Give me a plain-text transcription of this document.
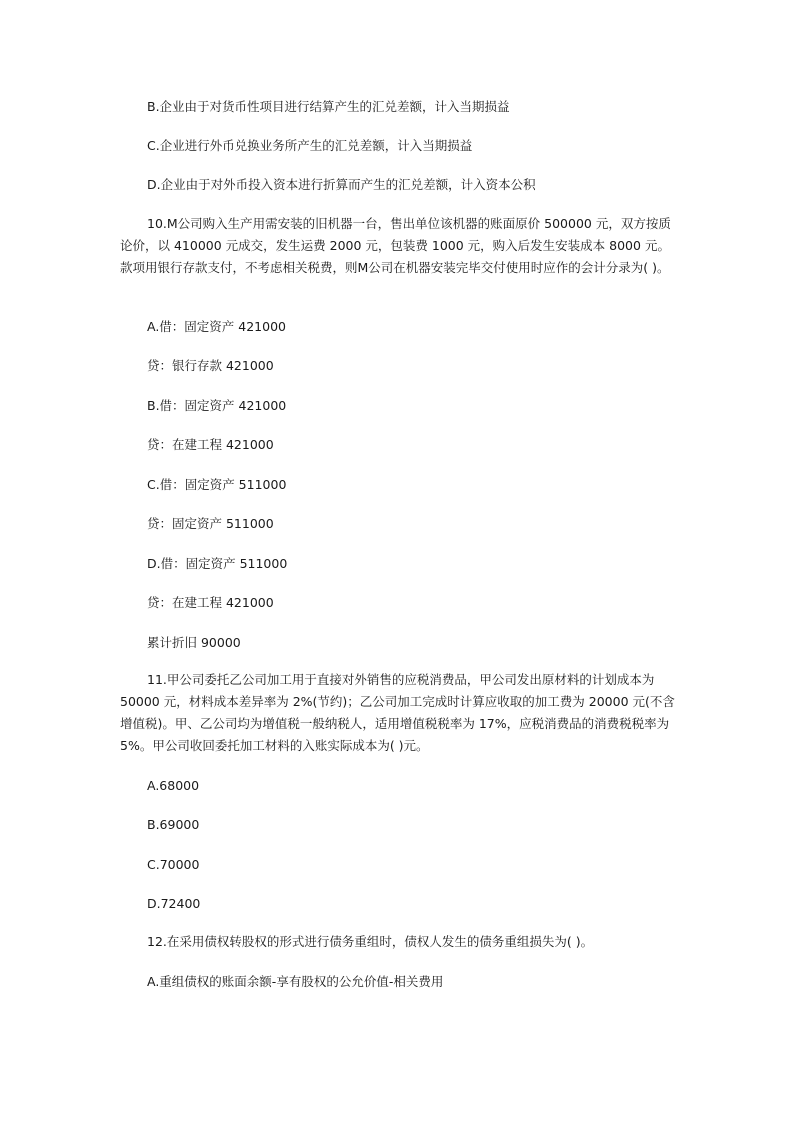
B.企业由于对货币性项目进行结算产生的汇兑差额，计入当期损益
C.企业进行外币兑换业务所产生的汇兑差额，计入当期损益
D.企业由于对外币投入资本进行折算而产生的汇兑差额，计入资本公积
10.M公司购入生产用需安装的旧机器一台，售出单位该机器的账面原价 500000 元，双方按质论价，以 410000 元成交，发生运费 2000 元，包装费 1000 元，购入后发生安装成本 8000 元。款项用银行存款支付，不考虑相关税费，则M公司在机器安装完毕交付使用时应作的会计分录为( )。
A.借：固定资产 421000
贷：银行存款 421000
B.借：固定资产 421000
贷：在建工程 421000
C.借：固定资产 511000
贷：固定资产 511000
D.借：固定资产 511000
贷：在建工程 421000
累计折旧 90000
11.甲公司委托乙公司加工用于直接对外销售的应税消费品，甲公司发出原材料的计划成本为 50000 元，材料成本差异率为 2%(节约)；乙公司加工完成时计算应收取的加工费为 20000 元(不含增值税)。甲、乙公司均为增值税一般纳税人，适用增值税税率为 17%，应税消费品的消费税税率为 5%。甲公司收回委托加工材料的入账实际成本为( )元。
A.68000
B.69000
C.70000
D.72400
12.在采用债权转股权的形式进行债务重组时，债权人发生的债务重组损失为( )。
A.重组债权的账面余额-享有股权的公允价值-相关费用
